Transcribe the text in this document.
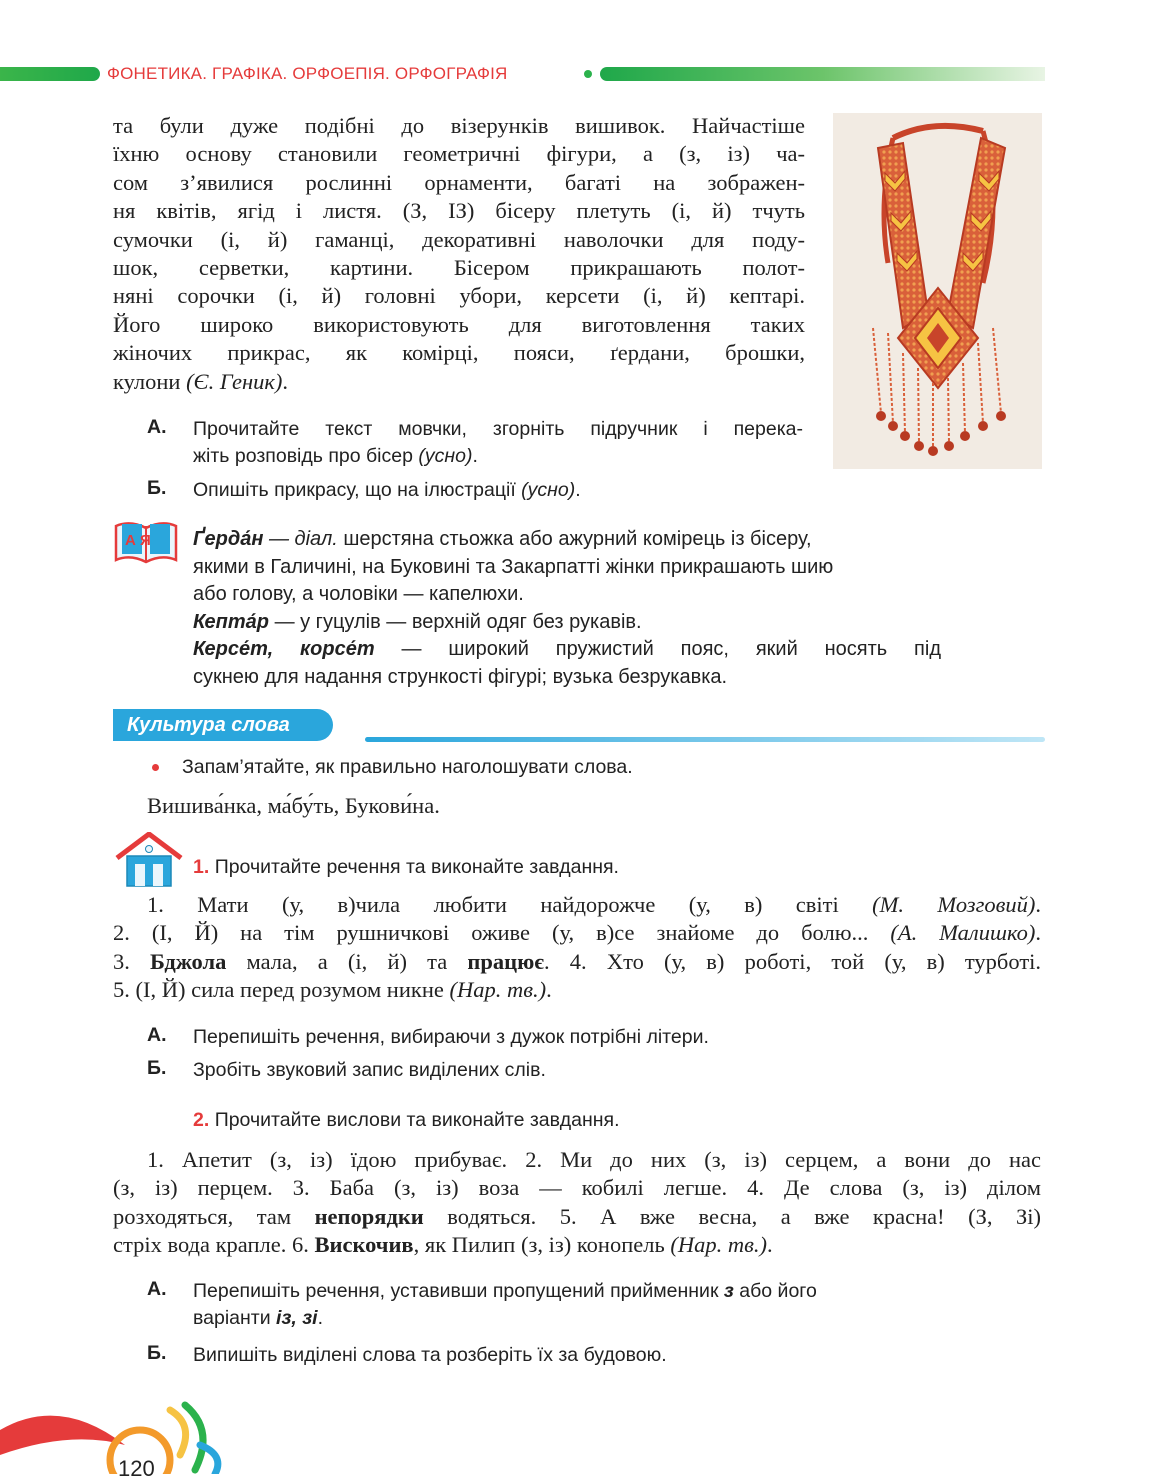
ФОНЕТИКА. ГРАФІКА. ОРФОЕПІЯ. ОРФОГРАФІЯ
та були дуже подібні до візерунків вишивок. Найчастіше
їхню основу становили геометричні фігури, а (з, із) ча-
сом з’явилися рослинні орнаменти, багаті на зображен-
ня квітів, ягід і листя. (З, ІЗ) бісеру плетуть (і, й) тчуть
сумочки (і, й) гаманці, декоративні наволочки для поду-
шок, серветки, картини. Бісером прикрашають полот-
няні сорочки (і, й) головні убори, керсети (і, й) кептарі.
Його широко використовують для виготовлення таких
жіночих прикрас, як комірці, пояси, ґердани, брошки,
кулони (Є. Геник).
А. Прочитайте текст мовчки, згорніть підручник і перека-
жіть розповідь про бісер (усно).
Б. Опишіть прикрасу, що на ілюстрації (усно).
А Я Ґерда́н — діал. шерстяна стьожка або ажурний комірець із бісеру,
якими в Галичині, на Буковині та Закарпатті жінки прикрашають шию
або голову, а чоловіки — капелюхи.
Кепта́р — у гуцулів — верхній одяг без рукавів.
Керсе́т, корсе́т — широкий пружистий пояс, який носять під
сукнею для надання стрункості фігурі; вузька безрукавка.
Культура слова
Запам’ятайте, як правильно наголошувати слова.
Вишива́нка, ма́бу́ть, Букови́на.
1. Прочитайте речення та виконайте завдання.
1. Мати (у, в)чила любити найдорожче (у, в) світі (М. Мозговий).
2. (І, Й) на тім рушничкові оживе (у, в)се знайоме до болю... (А. Малишко).
3. Бджола мала, а (і, й) та працює. 4. Хто (у, в) роботі, той (у, в) турботі.
5. (І, Й) сила перед розумом никне (Нар. тв.).
А. Перепишіть речення, вибираючи з дужок потрібні літери.
Б. Зробіть звуковий запис виділених слів.
2. Прочитайте вислови та виконайте завдання.
1. Апетит (з, із) їдою прибуває. 2. Ми до них (з, із) серцем, а вони до нас
(з, із) перцем. 3. Баба (з, із) воза — кобилі легше. 4. Де слова (з, із) ділом
розходяться, там непорядки водяться. 5. А вже весна, а вже красна! (З, Зі)
стріх вода крапле. 6. Вискочив, як Пилип (з, із) конопель (Нар. тв.).
А. Перепишіть речення, уставивши пропущений прийменник з або його
варіанти із, зі.
Б. Випишіть виділені слова та розберіть їх за будовою.
120
